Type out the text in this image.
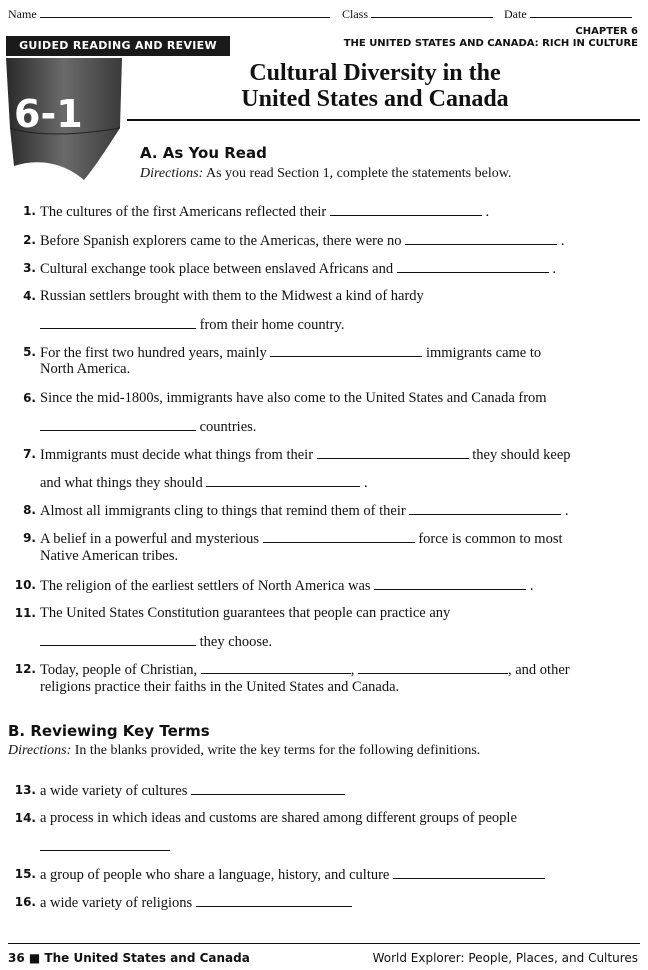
Name	Class	Date
GUIDED READING AND REVIEW
CHAPTER 6
THE UNITED STATES AND CANADA: RICH IN CULTURE
6-1
Cultural Diversity in the
United States and Canada
A. As You Read
Directions: As you read Section 1, complete the statements below.
1. The cultures of the first Americans reflected their	.
2. Before Spanish explorers came to the Americas, there were no	.
3. Cultural exchange took place between enslaved Africans and	.
4. Russian settlers brought with them to the Midwest a kind of hardy
from their home country.
5. For the first two hundred years, mainly	immigrants came to
North America.
6. Since the mid-1800s, immigrants have also come to the United States and Canada from
countries.
7. Immigrants must decide what things from their	they should keep
and what things they should	.
8. Almost all immigrants cling to things that remind them of their	.
9. A belief in a powerful and mysterious	force is common to most
Native American tribes.
10. The religion of the earliest settlers of North America was	.
11. The United States Constitution guarantees that people can practice any
they choose.
12. Today, people of Christian,	,	, and other
religions practice their faiths in the United States and Canada.
B. Reviewing Key Terms
Directions: In the blanks provided, write the key terms for the following definitions.
13. a wide variety of cultures
14. a process in which ideas and customs are shared among different groups of people
15. a group of people who share a language, history, and culture
16. a wide variety of religions
36 ■ The United States and Canada	World Explorer: People, Places, and Cultures
